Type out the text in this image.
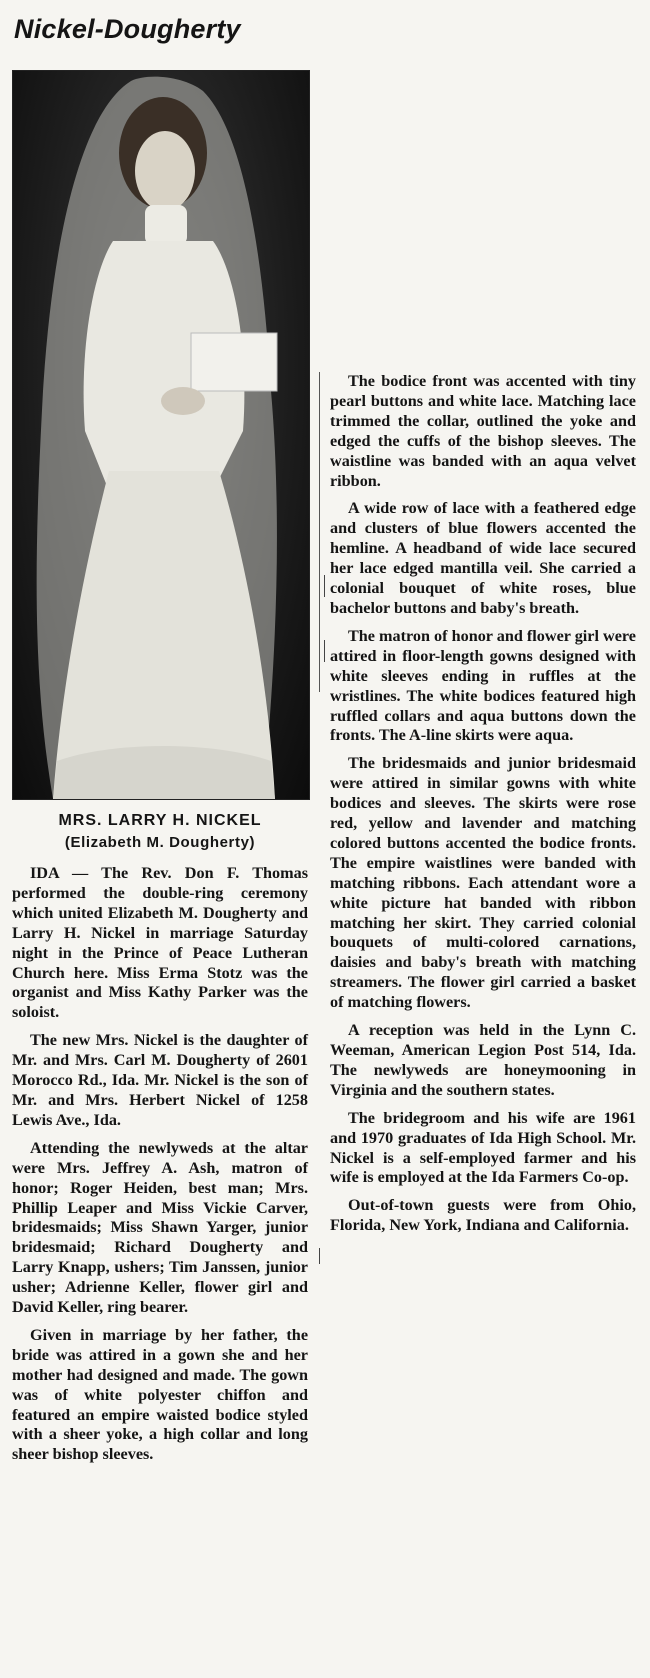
Nickel-Dougherty
MRS. LARRY H. NICKEL
(Elizabeth M. Dougherty)

IDA — The Rev. Don F. Thomas performed the double-ring ceremony which united Elizabeth M. Dougherty and Larry H. Nickel in marriage Saturday night in the Prince of Peace Lutheran Church here. Miss Erma Stotz was the organist and Miss Kathy Parker was the soloist.

The new Mrs. Nickel is the daughter of Mr. and Mrs. Carl M. Dougherty of 2601 Morocco Rd., Ida. Mr. Nickel is the son of Mr. and Mrs. Herbert Nickel of 1258 Lewis Ave., Ida.

Attending the newlyweds at the altar were Mrs. Jeffrey A. Ash, matron of honor; Roger Heiden, best man; Mrs. Phillip Leaper and Miss Vickie Carver, bridesmaids; Miss Shawn Yarger, junior bridesmaid; Richard Dougherty and Larry Knapp, ushers; Tim Janssen, junior usher; Adrienne Keller, flower girl and David Keller, ring bearer.

Given in marriage by her father, the bride was attired in a gown she and her mother had designed and made. The gown was of white polyester chiffon and featured an empire waisted bodice styled with a sheer yoke, a high collar and long sheer bishop sleeves.

The bodice front was accented with tiny pearl buttons and white lace. Matching lace trimmed the collar, outlined the yoke and edged the cuffs of the bishop sleeves. The waistline was banded with an aqua velvet ribbon.

A wide row of lace with a feathered edge and clusters of blue flowers accented the hemline. A headband of wide lace secured her lace edged mantilla veil. She carried a colonial bouquet of white roses, blue bachelor buttons and baby's breath.

The matron of honor and flower girl were attired in floor-length gowns designed with white sleeves ending in ruffles at the wristlines. The white bodices featured high ruffled collars and aqua buttons down the fronts. The A-line skirts were aqua.

The bridesmaids and junior bridesmaid were attired in similar gowns with white bodices and sleeves. The skirts were rose red, yellow and lavender and matching colored buttons accented the bodice fronts. The empire waistlines were banded with matching ribbons. Each attendant wore a white picture hat banded with ribbon matching her skirt. They carried colonial bouquets of multi-colored carnations, daisies and baby's breath with matching streamers. The flower girl carried a basket of matching flowers.

A reception was held in the Lynn C. Weeman, American Legion Post 514, Ida. The newlyweds are honeymooning in Virginia and the southern states.

The bridegroom and his wife are 1961 and 1970 graduates of Ida High School. Mr. Nickel is a self-employed farmer and his wife is employed at the Ida Farmers Co-op.

Out-of-town guests were from Ohio, Florida, New York, Indiana and California.
